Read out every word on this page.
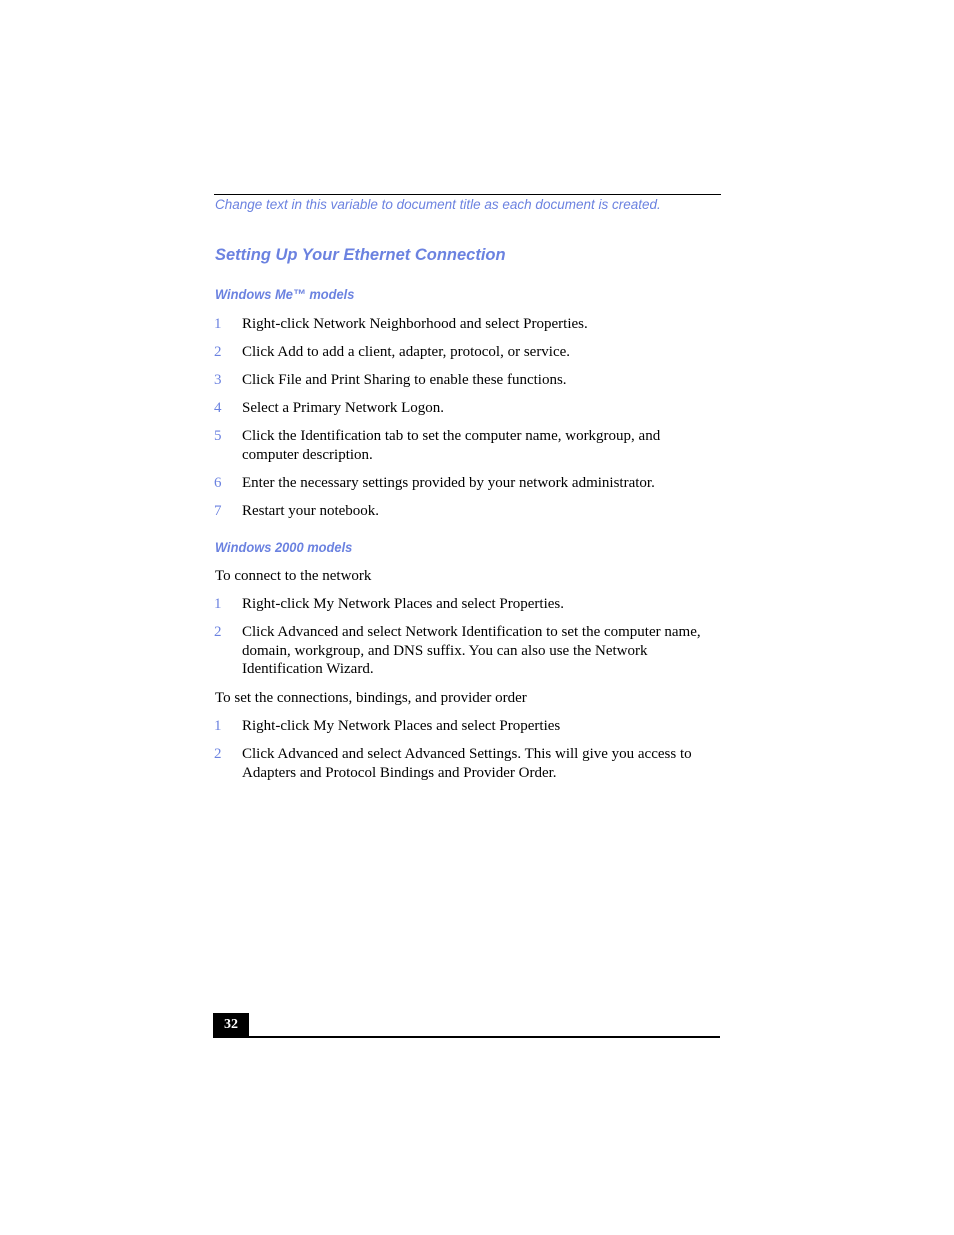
Change text in this variable to document title as each document is created.
Setting Up Your Ethernet Connection
Windows Me™ models
1 Right-click Network Neighborhood and select Properties.
2 Click Add to add a client, adapter, protocol, or service.
3 Click File and Print Sharing to enable these functions.
4 Select a Primary Network Logon.
5 Click the Identification tab to set the computer name, workgroup, and computer description.
6 Enter the necessary settings provided by your network administrator.
7 Restart your notebook.
Windows 2000 models
To connect to the network
1 Right-click My Network Places and select Properties.
2 Click Advanced and select Network Identification to set the computer name, domain, workgroup, and DNS suffix. You can also use the Network Identification Wizard.
To set the connections, bindings, and provider order
1 Right-click My Network Places and select Properties
2 Click Advanced and select Advanced Settings. This will give you access to Adapters and Protocol Bindings and Provider Order.
32
